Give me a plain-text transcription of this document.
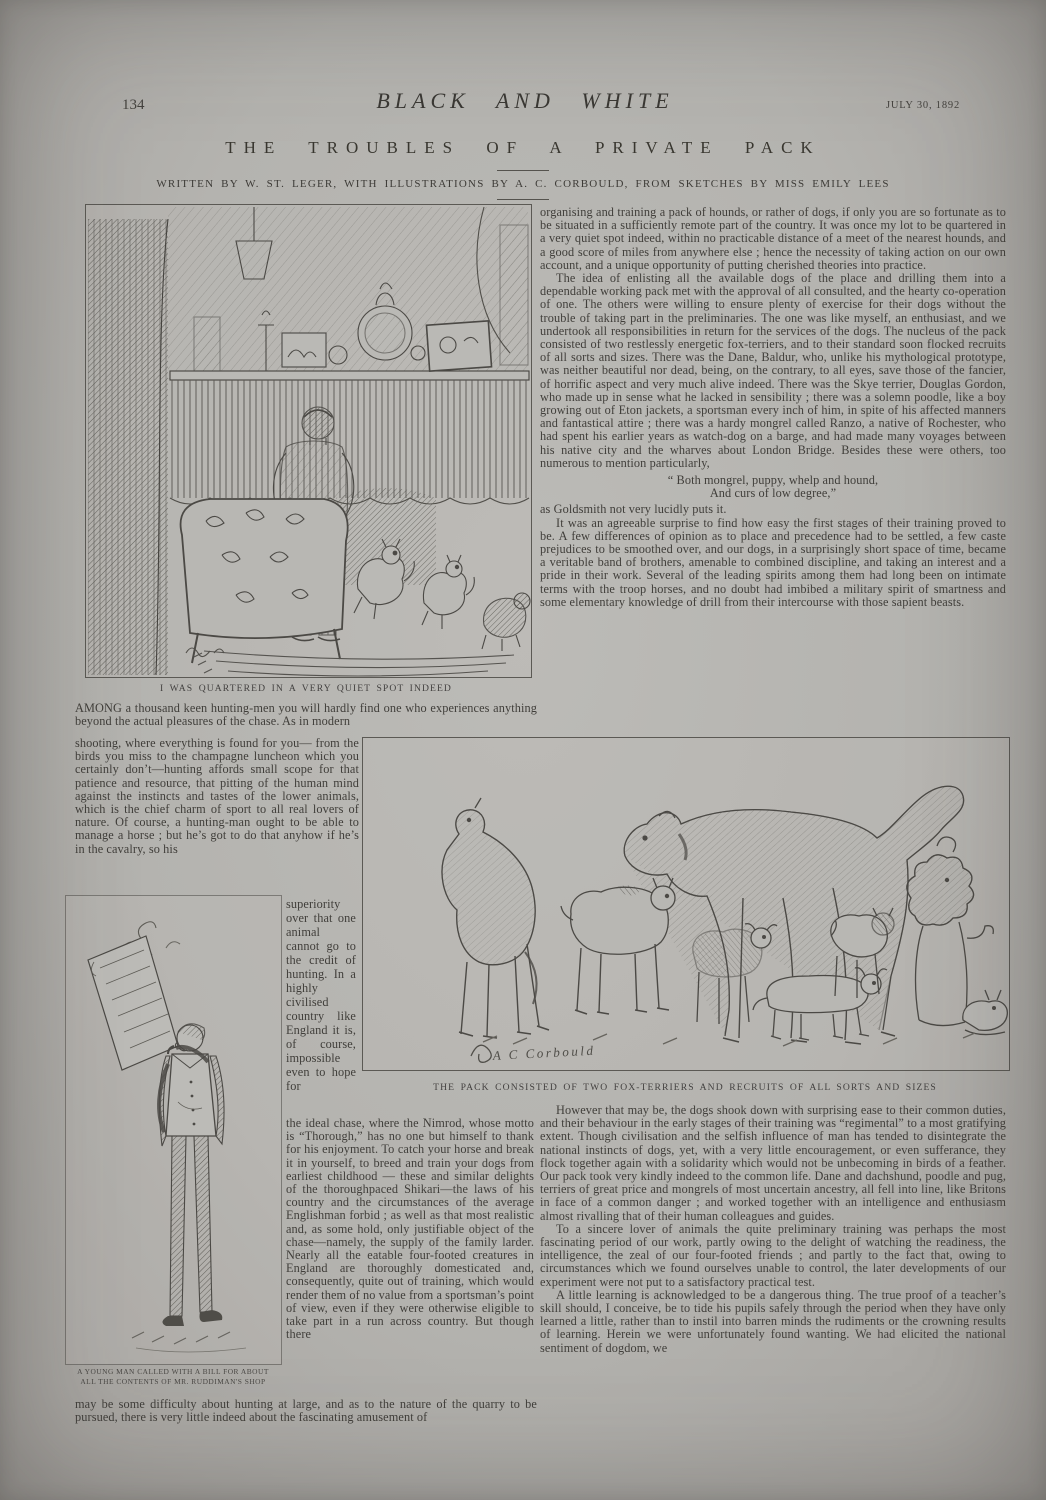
134	BLACK AND WHITE	JULY 30, 1892
THE TROUBLES OF A PRIVATE PACK
WRITTEN BY W. ST. LEGER, WITH ILLUSTRATIONS BY A. C. CORBOULD, FROM SKETCHES BY MISS EMILY LEES
I WAS QUARTERED IN A VERY QUIET SPOT INDEED
AMONG a thousand keen hunting-men you will hardly find one who experiences anything beyond the actual pleasures of the chase. As in modern
shooting, where everything is found for you— from the birds you miss to the champagne luncheon which you certainly don’t—hunting affords small scope for that patience and resource, that pitting of the human mind against the instincts and tastes of the lower animals, which is the chief charm of sport to all real lovers of nature. Of course, a hunting-man ought to be able to manage a horse ; but he’s got to do that anyhow if he’s in the cavalry, so his
A C Corbould
THE PACK CONSISTED OF TWO FOX-TERRIERS AND RECRUITS OF ALL SORTS AND SIZES
A YOUNG MAN CALLED WITH A BILL FOR ABOUT
ALL THE CONTENTS OF MR. RUDDIMAN'S SHOP
superiority over that one animal cannot go to the credit of hunting. In a highly civilised country like England it is, of course, impossible even to hope for
the ideal chase, where the Nimrod, whose motto is “Thorough,” has no one but himself to thank for his enjoyment. To catch your horse and break it in yourself, to breed and train your dogs from earliest childhood — these and similar delights of the thoroughpaced Shikari—the laws of his country and the circumstances of the average Englishman forbid ; as well as that most realistic and, as some hold, only justifiable object of the chase—namely, the supply of the family larder. Nearly all the eatable four-footed creatures in England are thoroughly domesticated and, consequently, quite out of training, which would render them of no value from a sportsman’s point of view, even if they were otherwise eligible to take part in a run across country. But though there
may be some difficulty about hunting at large, and as to the nature of the quarry to be pursued, there is very little indeed about the fascinating amusement of

organising and training a pack of hounds, or rather of dogs, if only you are so fortunate as to be situated in a sufficiently remote part of the country. It was once my lot to be quartered in a very quiet spot indeed, within no practicable distance of a meet of the nearest hounds, and a good score of miles from anywhere else ; hence the necessity of taking action on our own account, and a unique opportunity of putting cherished theories into practice.

The idea of enlisting all the available dogs of the place and drilling them into a dependable working pack met with the approval of all consulted, and the hearty co-operation of one. The others were willing to ensure plenty of exercise for their dogs without the trouble of taking part in the preliminaries. The one was like myself, an enthusiast, and we undertook all responsibilities in return for the services of the dogs. The nucleus of the pack consisted of two restlessly energetic fox-terriers, and to their standard soon flocked recruits of all sorts and sizes. There was the Dane, Baldur, who, unlike his mythological prototype, was neither beautiful nor dead, being, on the contrary, to all eyes, save those of the fancier, of horrific aspect and very much alive indeed. There was the Skye terrier, Douglas Gordon, who made up in sense what he lacked in sensibility ; there was a solemn poodle, like a boy growing out of Eton jackets, a sportsman every inch of him, in spite of his affected manners and fantastical attire ; there was a hardy mongrel called Ranzo, a native of Rochester, who had spent his earlier years as watch-dog on a barge, and had made many voyages between his native city and the wharves about London Bridge. Besides these were others, too numerous to mention particularly,

“ Both mongrel, puppy, whelp and hound,
And curs of low degree,”

as Goldsmith not very lucidly puts it.

It was an agreeable surprise to find how easy the first stages of their training proved to be. A few differences of opinion as to place and precedence had to be settled, a few caste prejudices to be smoothed over, and our dogs, in a surprisingly short space of time, became a veritable band of brothers, amenable to combined discipline, and taking an interest and a pride in their work. Several of the leading spirits among them had long been on intimate terms with the troop horses, and no doubt had imbibed a military spirit of smartness and some elementary knowledge of drill from their intercourse with those sapient beasts.

However that may be, the dogs shook down with surprising ease to their common duties, and their behaviour in the early stages of their training was “regimental” to a most gratifying extent. Though civilisation and the selfish influence of man has tended to disintegrate the national instincts of dogs, yet, with a very little encouragement, or even sufferance, they flock together again with a solidarity which would not be unbecoming in birds of a feather. Our pack took very kindly indeed to the common life. Dane and dachshund, poodle and pug, terriers of great price and mongrels of most uncertain ancestry, all fell into line, like Britons in face of a common danger ; and worked together with an intelligence and enthusiasm almost rivalling that of their human colleagues and guides.

To a sincere lover of animals the quite preliminary training was perhaps the most fascinating period of our work, partly owing to the delight of watching the readiness, the intelligence, the zeal of our four-footed friends ; and partly to the fact that, owing to circumstances which we found ourselves unable to control, the later developments of our experiment were not put to a satisfactory practical test.

A little learning is acknowledged to be a dangerous thing. The true proof of a teacher’s skill should, I conceive, be to tide his pupils safely through the period when they have only learned a little, rather than to instil into barren minds the rudiments or the crowning results of learning. Herein we were unfortunately found wanting. We had elicited the national sentiment of dogdom, we
